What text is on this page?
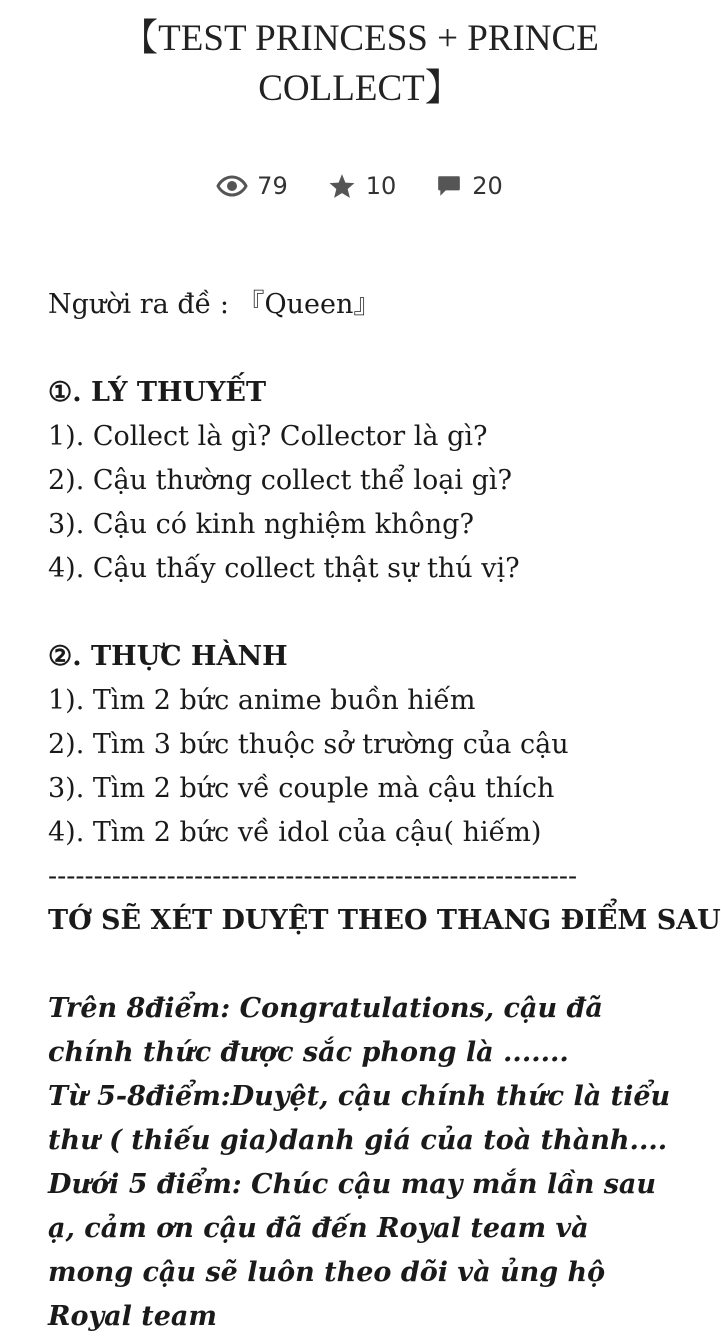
【TEST PRINCESS + PRINCE COLLECT】
79	10	20
Người ra đề : 『Queen』
①. LÝ THUYẾT
1). Collect là gì? Collector là gì?
2). Cậu thường collect thể loại gì?
3). Cậu có kinh nghiệm không?
4). Cậu thấy collect thật sự thú vị?
②. THỰC HÀNH
1). Tìm 2 bức anime buồn hiếm
2). Tìm 3 bức thuộc sở trường của cậu
3). Tìm 2 bức về couple mà cậu thích
4). Tìm 2 bức về idol của cậu( hiếm)
----------------------------------------------------------
TỚ SẼ XÉT DUYỆT THEO THANG ĐIỂM SAU
Trên 8điểm: Congratulations, cậu đã chính thức được sắc phong là .......
Từ 5-8điểm:Duyệt, cậu chính thức là tiểu thư ( thiếu gia)danh giá của toà thành....
Dưới 5 điểm: Chúc cậu may mắn lần sau ạ, cảm ơn cậu đã đến Royal team và mong cậu sẽ luôn theo dõi và ủng hộ Royal team
